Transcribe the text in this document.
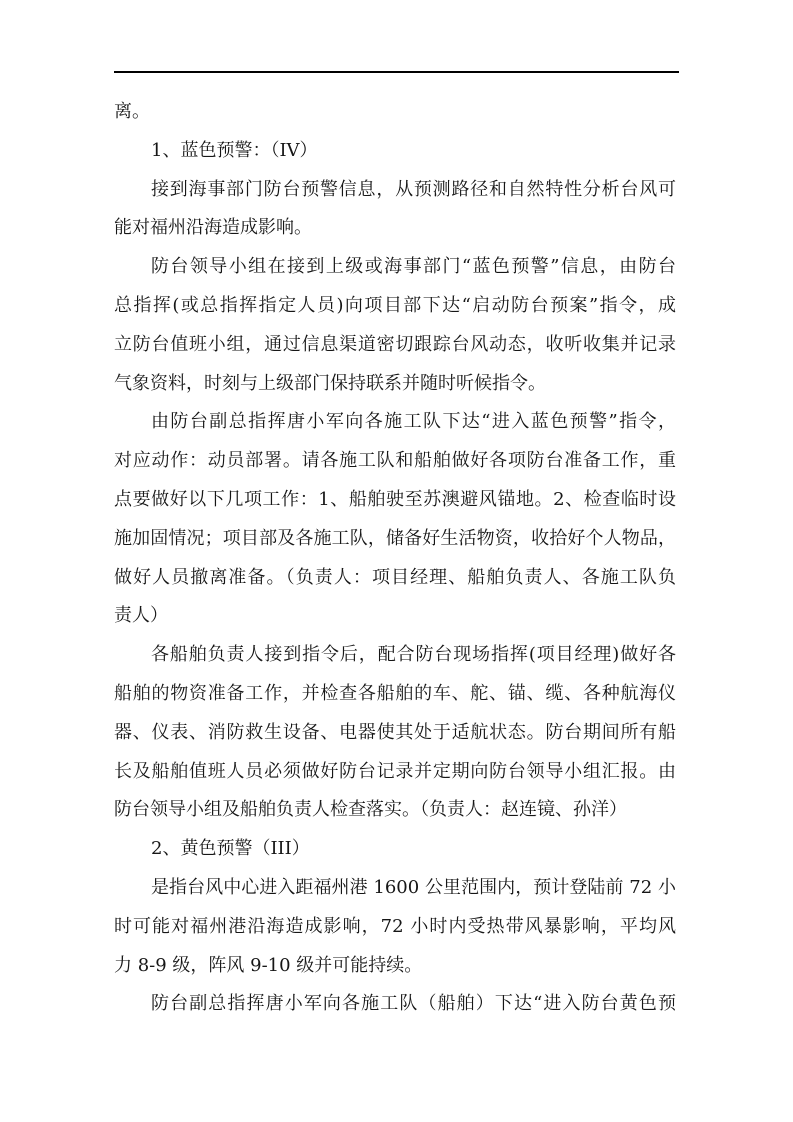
离。
1、蓝色预警：（IV）
接到海事部门防台预警信息，从预测路径和自然特性分析台风可
能对福州沿海造成影响。
防台领导小组在接到上级或海事部门“蓝色预警”信息，由防台
总指挥(或总指挥指定人员)向项目部下达“启动防台预案”指令，成
立防台值班小组，通过信息渠道密切跟踪台风动态，收听收集并记录
气象资料，时刻与上级部门保持联系并随时听候指令。
由防台副总指挥唐小军向各施工队下达“进入蓝色预警”指令，
对应动作：动员部署。请各施工队和船舶做好各项防台准备工作，重
点要做好以下几项工作：1、船舶驶至苏澳避风锚地。2、检查临时设
施加固情况；项目部及各施工队，储备好生活物资，收拾好个人物品，
做好人员撤离准备。（负责人：项目经理、船舶负责人、各施工队负
责人）
各船舶负责人接到指令后，配合防台现场指挥(项目经理)做好各
船舶的物资准备工作，并检查各船舶的车、舵、锚、缆、各种航海仪
器、仪表、消防救生设备、电器使其处于适航状态。防台期间所有船
长及船舶值班人员必须做好防台记录并定期向防台领导小组汇报。由
防台领导小组及船舶负责人检查落实。（负责人：赵连镜、孙洋）
2、黄色预警（III）
是指台风中心进入距福州港 1600 公里范围内，预计登陆前 72 小
时可能对福州港沿海造成影响，72 小时内受热带风暴影响，平均风
力 8-9 级，阵风 9-10 级并可能持续。
防台副总指挥唐小军向各施工队（船舶）下达“进入防台黄色预
